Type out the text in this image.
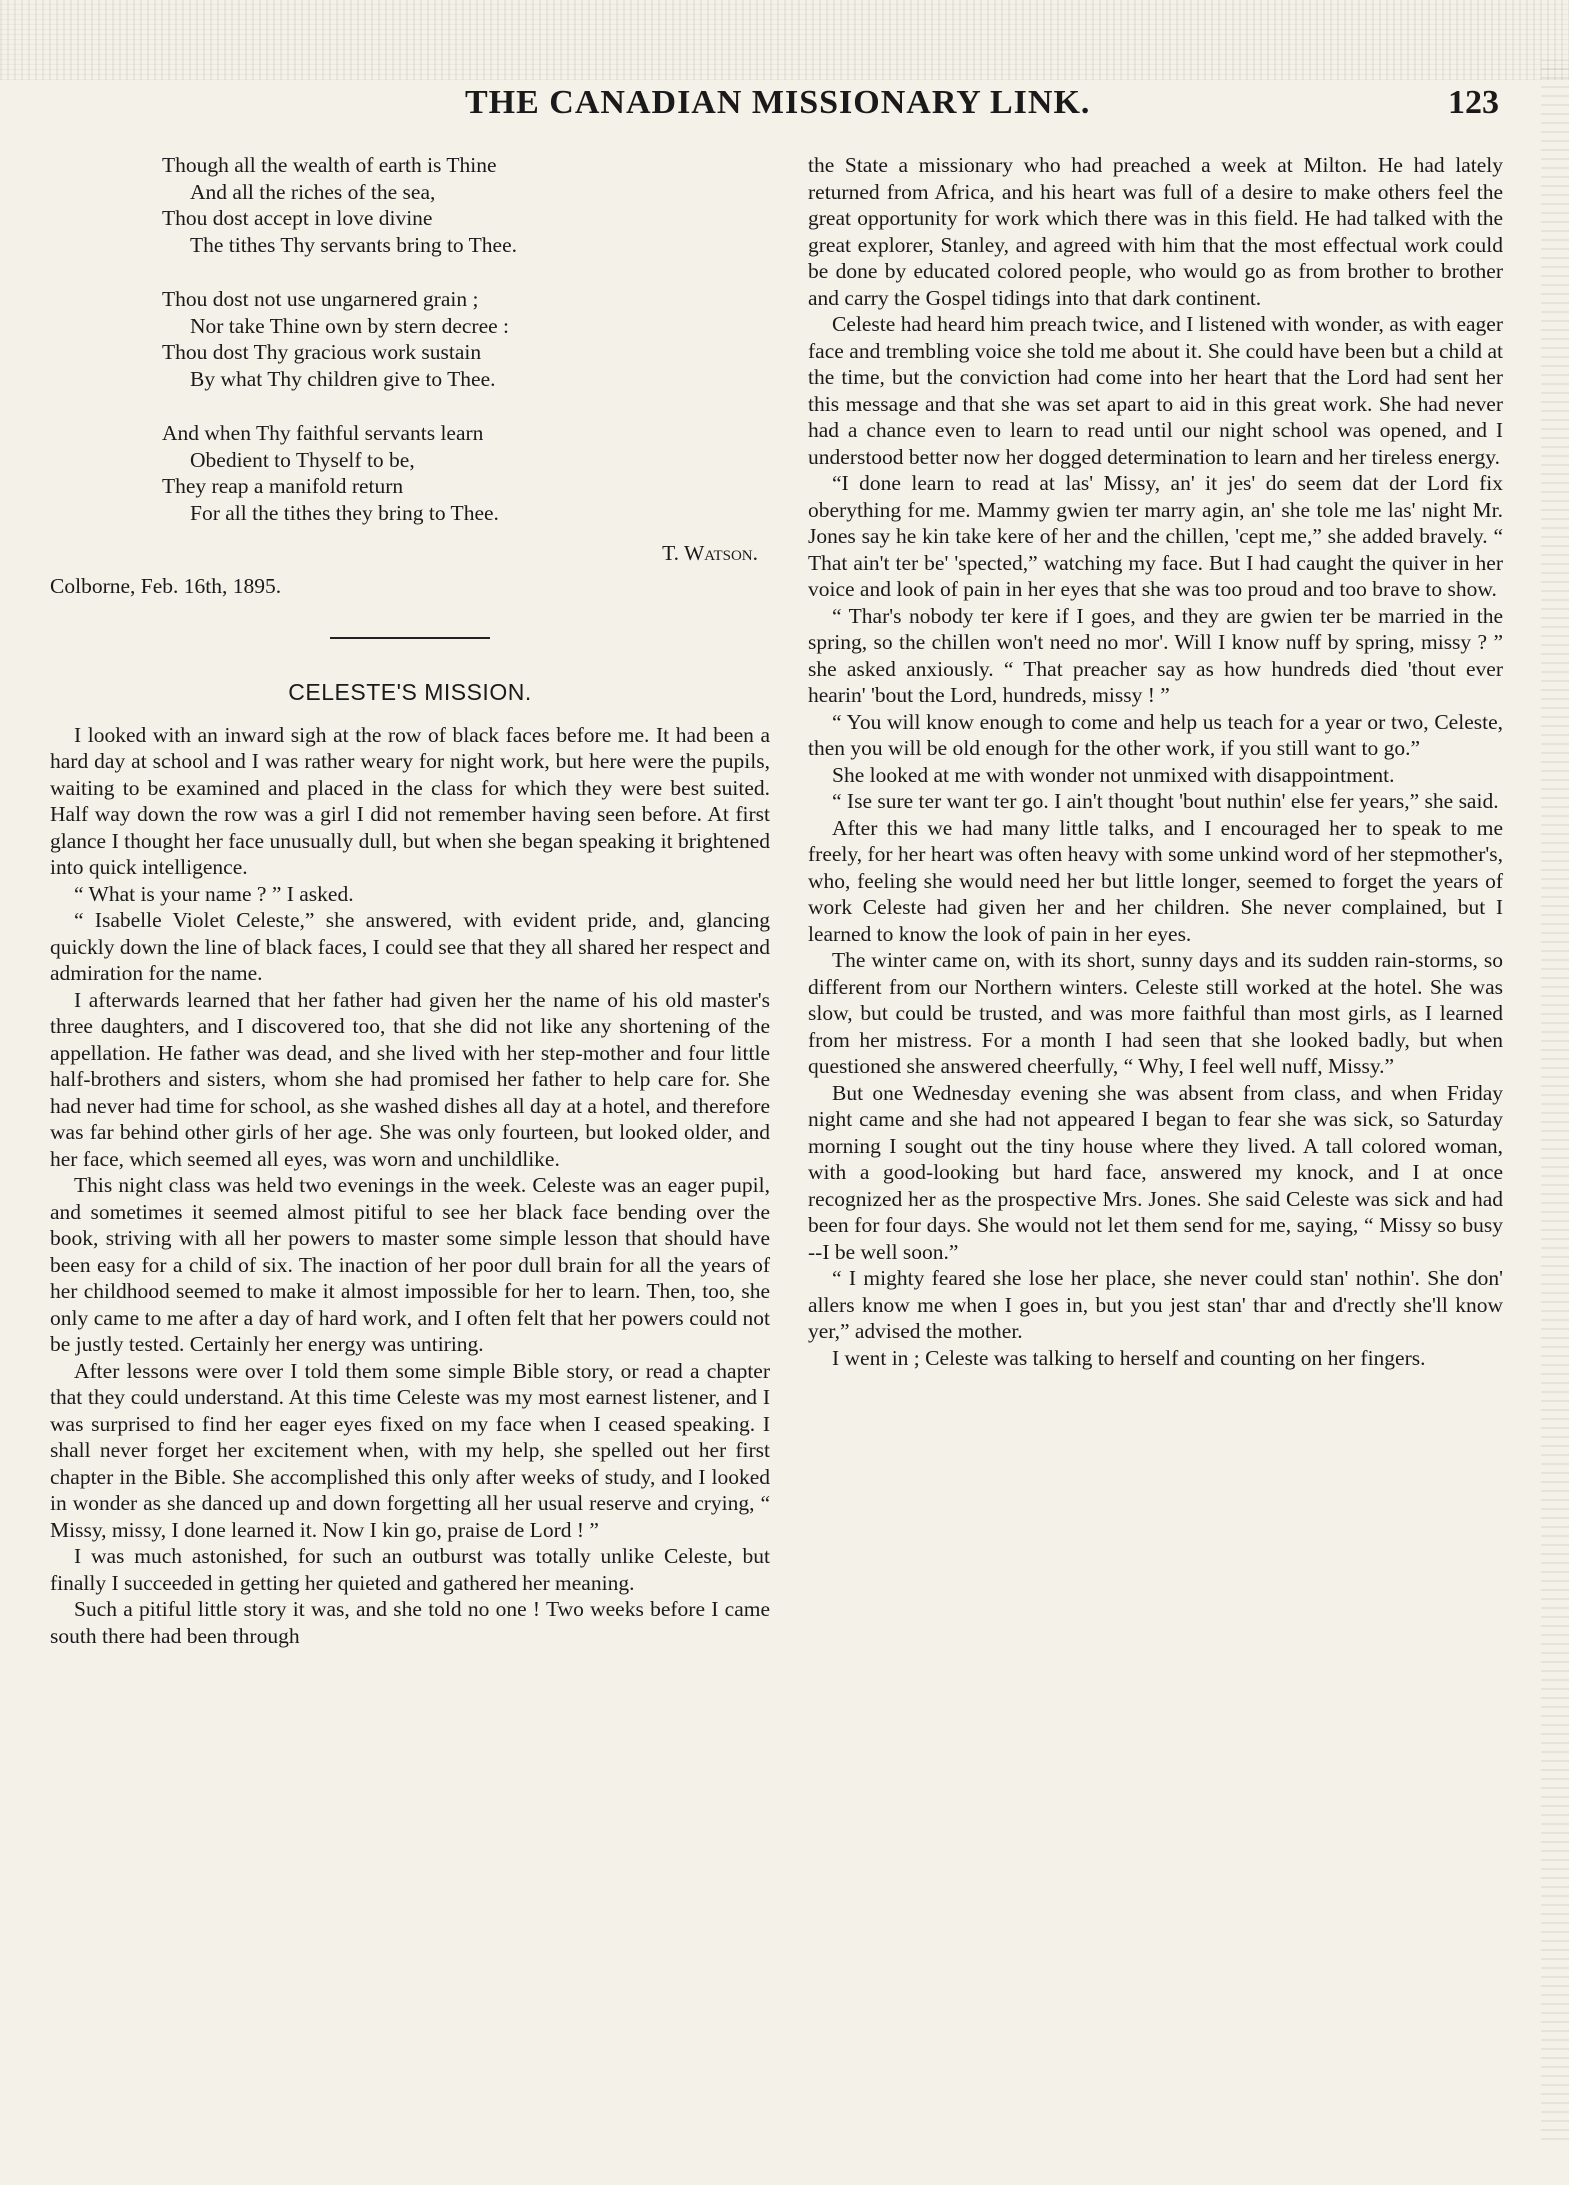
THE CANADIAN MISSIONARY LINK.	123
Though all the wealth of earth is Thine
And all the riches of the sea,
Thou dost accept in love divine
The tithes Thy servants bring to Thee.
Thou dost not use ungarnered grain ;
Nor take Thine own by stern decree :
Thou dost Thy gracious work sustain
By what Thy children give to Thee.
And when Thy faithful servants learn
Obedient to Thyself to be,
They reap a manifold return
For all the tithes they bring to Thee.
T. Watson.
Colborne, Feb. 16th, 1895.
CELESTE'S MISSION.

I looked with an inward sigh at the row of black faces before me. It had been a hard day at school and I was rather weary for night work, but here were the pupils, waiting to be examined and placed in the class for which they were best suited. Half way down the row was a girl I did not remember having seen before. At first glance I thought her face unusually dull, but when she began speaking it brightened into quick intelligence.

“ What is your name ? ” I asked.

“ Isabelle Violet Celeste,” she answered, with evident pride, and, glancing quickly down the line of black faces, I could see that they all shared her respect and admiration for the name.

I afterwards learned that her father had given her the name of his old master's three daughters, and I discovered too, that she did not like any shortening of the appellation. He father was dead, and she lived with her step-mother and four little half-brothers and sisters, whom she had promised her father to help care for. She had never had time for school, as she washed dishes all day at a hotel, and therefore was far behind other girls of her age. She was only fourteen, but looked older, and her face, which seemed all eyes, was worn and unchildlike.

This night class was held two evenings in the week. Celeste was an eager pupil, and sometimes it seemed almost pitiful to see her black face bending over the book, striving with all her powers to master some simple lesson that should have been easy for a child of six. The inaction of her poor dull brain for all the years of her childhood seemed to make it almost impossible for her to learn. Then, too, she only came to me after a day of hard work, and I often felt that her powers could not be justly tested. Certainly her energy was untiring.

After lessons were over I told them some simple Bible story, or read a chapter that they could understand. At this time Celeste was my most earnest listener, and I was surprised to find her eager eyes fixed on my face when I ceased speaking. I shall never forget her excitement when, with my help, she spelled out her first chapter in the Bible. She accomplished this only after weeks of study, and I looked in wonder as she danced up and down forgetting all her usual reserve and crying, “ Missy, missy, I done learned it. Now I kin go, praise de Lord ! ”

I was much astonished, for such an outburst was totally unlike Celeste, but finally I succeeded in getting her quieted and gathered her meaning.

Such a pitiful little story it was, and she told no one ! Two weeks before I came south there had been through

the State a missionary who had preached a week at Milton. He had lately returned from Africa, and his heart was full of a desire to make others feel the great opportunity for work which there was in this field. He had talked with the great explorer, Stanley, and agreed with him that the most effectual work could be done by educated colored people, who would go as from brother to brother and carry the Gospel tidings into that dark continent.

Celeste had heard him preach twice, and I listened with wonder, as with eager face and trembling voice she told me about it. She could have been but a child at the time, but the conviction had come into her heart that the Lord had sent her this message and that she was set apart to aid in this great work. She had never had a chance even to learn to read until our night school was opened, and I understood better now her dogged determination to learn and her tireless energy.

“I done learn to read at las' Missy, an' it jes' do seem dat der Lord fix oberything for me. Mammy gwien ter marry agin, an' she tole me las' night Mr. Jones say he kin take kere of her and the chillen, 'cept me,” she added bravely. “ That ain't ter be' 'spected,” watching my face. But I had caught the quiver in her voice and look of pain in her eyes that she was too proud and too brave to show.

“ Thar's nobody ter kere if I goes, and they are gwien ter be married in the spring, so the chillen won't need no mor'. Will I know nuff by spring, missy ? ” she asked anxiously. “ That preacher say as how hundreds died 'thout ever hearin' 'bout the Lord, hundreds, missy ! ”

“ You will know enough to come and help us teach for a year or two, Celeste, then you will be old enough for the other work, if you still want to go.”

She looked at me with wonder not unmixed with disappointment.

“ Ise sure ter want ter go. I ain't thought 'bout nuthin' else fer years,” she said.

After this we had many little talks, and I encouraged her to speak to me freely, for her heart was often heavy with some unkind word of her stepmother's, who, feeling she would need her but little longer, seemed to forget the years of work Celeste had given her and her children. She never complained, but I learned to know the look of pain in her eyes.

The winter came on, with its short, sunny days and its sudden rain-storms, so different from our Northern winters. Celeste still worked at the hotel. She was slow, but could be trusted, and was more faithful than most girls, as I learned from her mistress. For a month I had seen that she looked badly, but when questioned she answered cheerfully, “ Why, I feel well nuff, Missy.”

But one Wednesday evening she was absent from class, and when Friday night came and she had not appeared I began to fear she was sick, so Saturday morning I sought out the tiny house where they lived. A tall colored woman, with a good-looking but hard face, answered my knock, and I at once recognized her as the prospective Mrs. Jones. She said Celeste was sick and had been for four days. She would not let them send for me, saying, “ Missy so busy --I be well soon.”

“ I mighty feared she lose her place, she never could stan' nothin'. She don' allers know me when I goes in, but you jest stan' thar and d'rectly she'll know yer,” advised the mother.

I went in ; Celeste was talking to herself and counting on her fingers.
